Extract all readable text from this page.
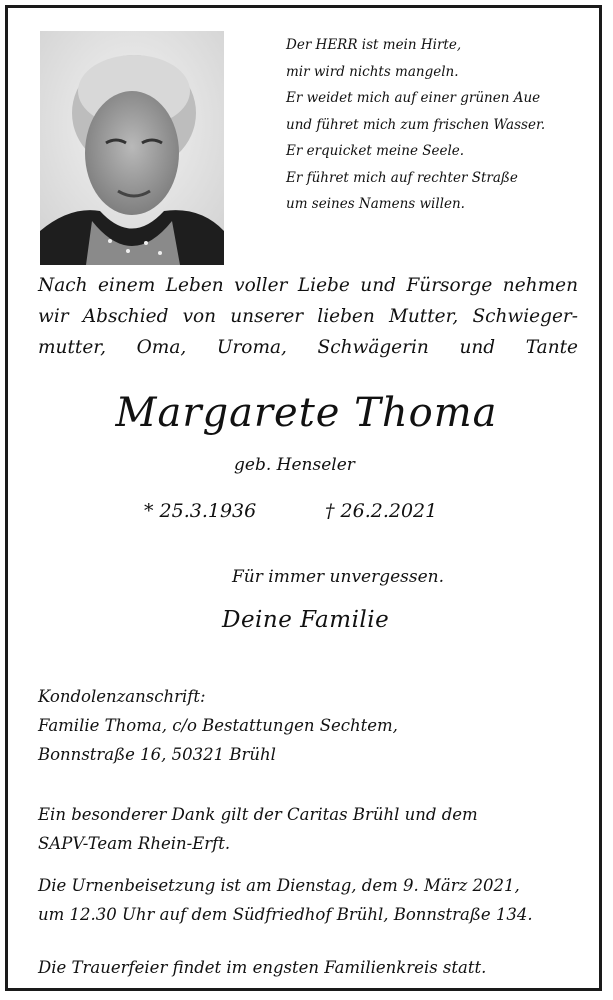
Der HERR ist mein Hirte,
mir wird nichts mangeln.
Er weidet mich auf einer grünen Aue
und führet mich zum frischen Wasser.
Er erquicket meine Seele.
Er führet mich auf rechter Straße
um seines Namens willen.
Nach einem Leben voller Liebe und Fürsorge nehmen
wir Abschied von unserer lieben Mutter, Schwieger-
mutter, Oma, Uroma, Schwägerin und Tante
Margarete Thoma
geb. Henseler
* 25.3.1936	† 26.2.2021
Für immer unvergessen.
Deine Familie
Kondolenzanschrift:
Familie Thoma, c/o Bestattungen Sechtem,
Bonnstraße 16, 50321 Brühl
Ein besonderer Dank gilt der Caritas Brühl und dem
SAPV-Team Rhein-Erft.
Die Urnenbeisetzung ist am Dienstag, dem 9. März 2021,
um 12.30 Uhr auf dem Südfriedhof Brühl, Bonnstraße 134.
Die Trauerfeier findet im engsten Familienkreis statt.
